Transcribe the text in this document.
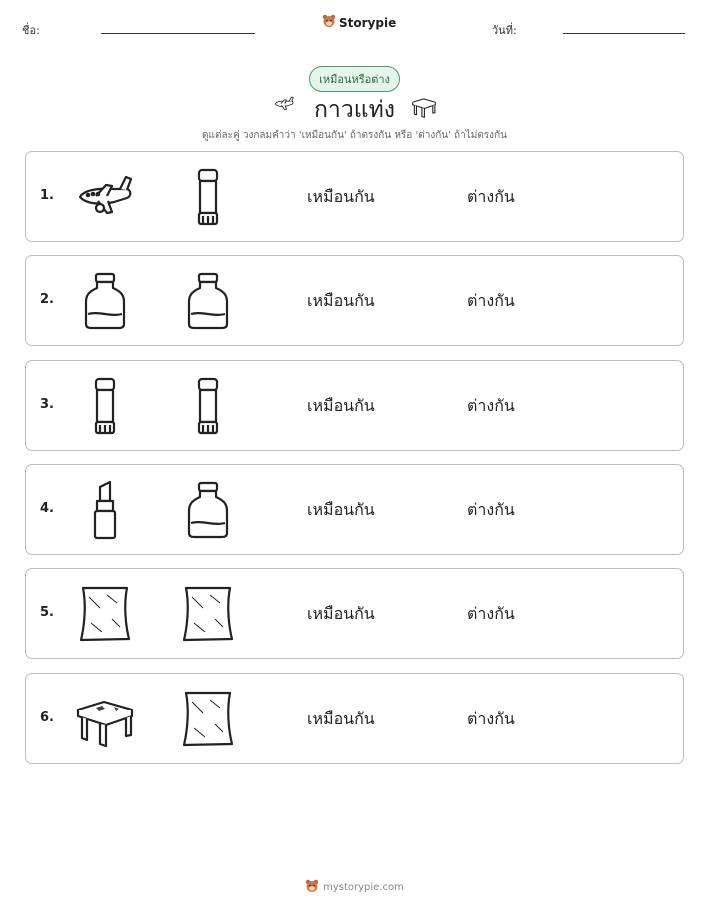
ชื่อ:
Storypie
วันที่:
เหมือนหรือต่าง
กาวแท่ง
ดูแต่ละคู่ วงกลมคำว่า 'เหมือนกัน' ถ้าตรงกัน หรือ 'ต่างกัน' ถ้าไม่ตรงกัน
1.	เหมือนกัน	ต่างกัน
2.	เหมือนกัน	ต่างกัน
3.	เหมือนกัน	ต่างกัน
4.	เหมือนกัน	ต่างกัน
5.	เหมือนกัน	ต่างกัน
6.	เหมือนกัน	ต่างกัน
mystorypie.com
